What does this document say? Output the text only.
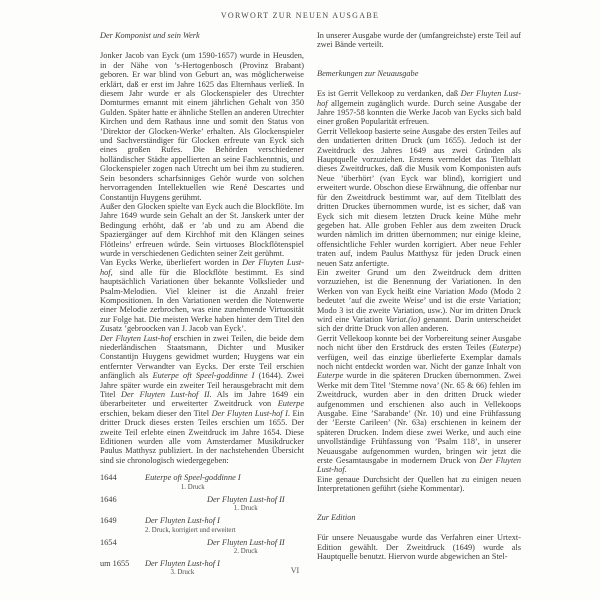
VORWORT ZUR NEUEN AUSGABE

Der Komponist und sein Werk

Jonker Jacob van Eyck (um 1590-1657) wurde in Heusden, in der Nähe von ’s-Hertogenbosch (Provinz Brabant) geboren. Er war blind von Geburt an, was möglicherweise erklärt, daß er erst im Jahre 1625 das Elternhaus verließ. In diesem Jahr wurde er als Glockenspieler des Utrechter Domturmes ernannt mit einem jährlichen Gehalt von 350 Gulden. Später hatte er ähnliche Stellen an anderen Utrechter Kirchen und dem Rathaus inne und somit den Status von ’Direktor der Glocken-Werke’ erhalten. Als Glockenspieler und Sachverständiger für Glocken erfreute van Eyck sich eines großen Rufes. Die Behörden verschiedener holländischer Städte appellierten an seine Fachkenntnis, und Glockenspieler zogen nach Utrecht um bei ihm zu studieren. Sein besonders scharfsinniges Gehör wurde von solchen hervorragenden Intellektuellen wie René Descartes und Constantijn Huygens gerühmt.

Außer den Glocken spielte van Eyck auch die Blockflöte. Im Jahre 1649 wurde sein Gehalt an der St. Janskerk unter der Bedingung erhöht, daß er ’ab und zu am Abend die Spaziergänger auf dem Kirchhof mit den Klängen seines Flötleins’ erfreuen würde. Sein virtuoses Blockflötenspiel wurde in verschiedenen Gedichten seiner Zeit gerühmt.

Van Eycks Werke, überliefert worden in Der Fluyten Lust-hof, sind alle für die Blockflöte bestimmt. Es sind hauptsächlich Variationen über bekannte Volkslieder und Psalm-Melodien. Viel kleiner ist die Anzahl freier Kompositionen. In den Variationen werden die Notenwerte einer Melodie zerbrochen, was eine zunehmende Virtuosität zur Folge hat. Die meisten Werke haben hinter dem Titel den Zusatz ’gebroocken van J. Jacob van Eyck’.

Der Fluyten Lust-hof erschien in zwei Teilen, die beide dem niederländischen Staatsmann, Dichter und Musiker Constantijn Huygens gewidmet wurden; Huygens war ein entfernter Verwandter van Eycks. Der erste Teil erschien anfänglich als Euterpe oft Speel-goddinne I (1644). Zwei Jahre später wurde ein zweiter Teil herausgebracht mit dem Titel Der Fluyten Lust-hof II. Als im Jahre 1649 ein überarbeiteter und erweiterter Zweitdruck von Euterpe erschien, bekam dieser den Titel Der Fluyten Lust-hof I. Ein dritter Druck dieses ersten Teiles erschien um 1655. Der zweite Teil erlebte einen Zweitdruck im Jahre 1654. Diese Editionen wurden alle vom Amsterdamer Musikdrucker Paulus Matthysz publiziert. In der nachstehenden Übersicht sind sie chronologisch wiedergegeben:

1644	Euterpe oft Speel-goddinne I
1. Druck
1646	Der Fluyten Lust-hof II
1. Druck
1649	Der Fluyten Lust-hof I
2. Druck, korrigiert und erweitert
1654	Der Fluyten Lust-hof II
2. Druck
um 1655	Der Fluyten Lust-hof I
3. Druck

In unserer Ausgabe wurde der (umfangreichste) erste Teil auf zwei Bände verteilt.

Bemerkungen zur Neuausgabe

Es ist Gerrit Vellekoop zu verdanken, daß Der Fluyten Lust-hof allgemein zugänglich wurde. Durch seine Ausgabe der Jahre 1957-58 konnten die Werke Jacob van Eycks sich bald einer großen Popularität erfreuen.

Gerrit Vellekoop basierte seine Ausgabe des ersten Teiles auf den undatierten dritten Druck (um 1655). Jedoch ist der Zweitdruck des Jahres 1649 aus zwei Gründen als Hauptquelle vorzuziehen. Erstens vermeldet das Titelblatt dieses Zweitdruckes, daß die Musik vom Komponisten aufs Neue ’überhört’ (van Eyck war blind), korrigiert und erweitert wurde. Obschon diese Erwähnung, die offenbar nur für den Zweitdruck bestimmt war, auf dem Titelblatt des dritten Druckes übernommen wurde, ist es sicher, daß van Eyck sich mit diesem letzten Druck keine Mühe mehr gegeben hat. Alle groben Fehler aus dem zweiten Druck wurden nämlich im dritten übernommen; nur einige kleine, offensichtliche Fehler wurden korrigiert. Aber neue Fehler traten auf, indem Paulus Matthysz für jeden Druck einen neuen Satz anfertigte.

Ein zweiter Grund um den Zweitdruck dem dritten vorzuziehen, ist die Benennung der Variationen. In den Werken von van Eyck heißt eine Variation Modo (Modo 2 bedeutet ’auf die zweite Weise’ und ist die erste Variation; Modo 3 ist die zweite Variation, usw.). Nur im dritten Druck wird eine Variation Variat.(io) genannt. Darin unterscheidet sich der dritte Druck von allen anderen.

Gerrit Vellekoop konnte bei der Vorbereitung seiner Ausgabe noch nicht über den Erstdruck des ersten Teiles (Euterpe) verfügen, weil das einzige überlieferte Exemplar damals noch nicht entdeckt worden war. Nicht der ganze Inhalt von Euterpe wurde in die späteren Drucken übernommen. Zwei Werke mit dem Titel ’Stemme nova’ (Nr. 65 & 66) fehlen im Zweitdruck, wurden aber in den dritten Druck wieder aufgenommen und erschienen also auch in Vellekoops Ausgabe. Eine ’Sarabande’ (Nr. 10) und eine Frühfassung der ’Eerste Carileen’ (Nr. 63a) erschienen in keinem der späteren Drucken. Indem diese zwei Werke, und auch eine unvollständige Frühfassung von ’Psalm 118’, in unserer Neuausgabe aufgenommen wurden, bringen wir jetzt die erste Gesamtausgabe in modernem Druck von Der Fluyten Lust-hof.

Eine genaue Durchsicht der Quellen hat zu einigen neuen Interpretationen geführt (siehe Kommentar).

Zur Edition

Für unsere Neuausgabe wurde das Verfahren einer Urtext-Edition gewählt. Der Zweitdruck (1649) wurde als Hauptquelle benutzt. Hiervon wurde abgewichen an Stel-

VI
